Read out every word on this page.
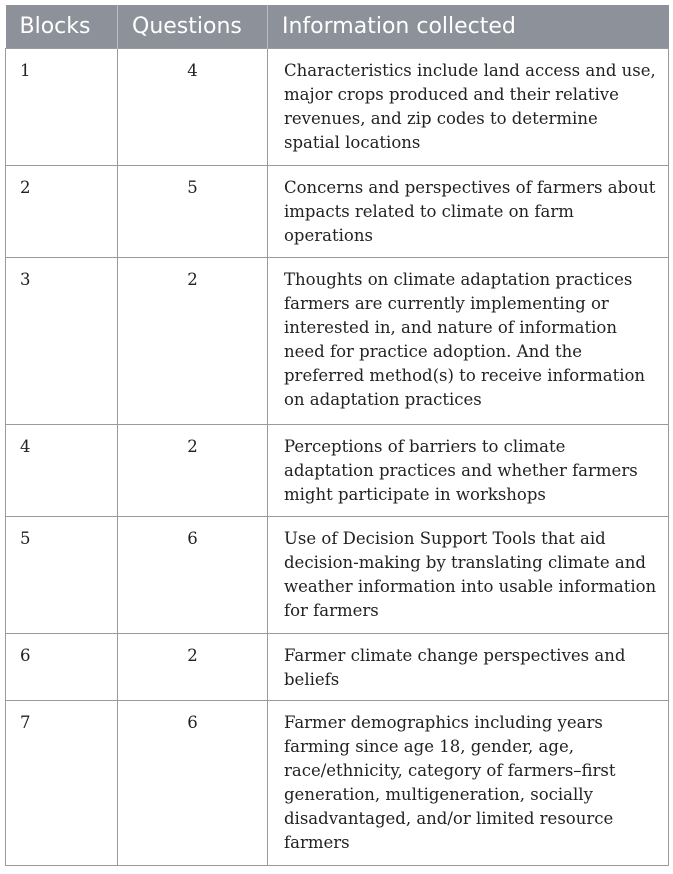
Blocks	Questions	Information collected
1	4	Characteristics include land access and use, major crops produced and their relative revenues, and zip codes to determine spatial locations
2	5	Concerns and perspectives of farmers about impacts related to climate on farm operations
3	2	Thoughts on climate adaptation practices farmers are currently implementing or interested in, and nature of information need for practice adoption. And the preferred method(s) to receive information on adaptation practices
4	2	Perceptions of barriers to climate adaptation practices and whether farmers might participate in workshops
5	6	Use of Decision Support Tools that aid decision-making by translating climate and weather information into usable information for farmers
6	2	Farmer climate change perspectives and beliefs
7	6	Farmer demographics including years farming since age 18, gender, age, race/ethnicity, category of farmers–first generation, multigeneration, socially disadvantaged, and/or limited resource farmers
